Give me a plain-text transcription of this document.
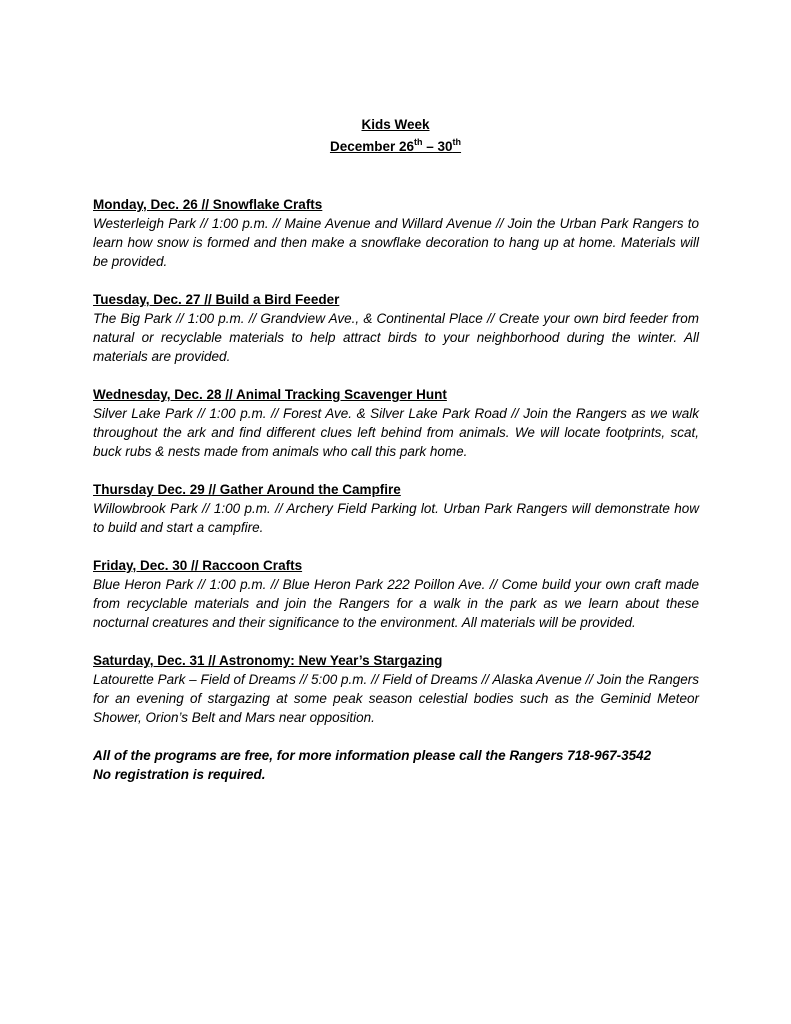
Kids Week
December 26th – 30th
Monday, Dec. 26 // Snowflake Crafts
Westerleigh Park // 1:00 p.m. // Maine Avenue and Willard Avenue // Join the Urban Park Rangers to learn how snow is formed and then make a snowflake decoration to hang up at home. Materials will be provided.
Tuesday, Dec. 27 // Build a Bird Feeder
The Big Park // 1:00 p.m. // Grandview Ave., & Continental Place // Create your own bird feeder from natural or recyclable materials to help attract birds to your neighborhood during the winter. All materials are provided.
Wednesday, Dec. 28 // Animal Tracking Scavenger Hunt
Silver Lake Park // 1:00 p.m. // Forest Ave. & Silver Lake Park Road // Join the Rangers as we walk throughout the ark and find different clues left behind from animals. We will locate footprints, scat, buck rubs & nests made from animals who call this park home.
Thursday Dec. 29 // Gather Around the Campfire
Willowbrook Park // 1:00 p.m. // Archery Field Parking lot. Urban Park Rangers will demonstrate how to build and start a campfire.
Friday, Dec. 30 // Raccoon Crafts
Blue Heron Park // 1:00 p.m. // Blue Heron Park 222 Poillon Ave. // Come build your own craft made from recyclable materials and join the Rangers for a walk in the park as we learn about these nocturnal creatures and their significance to the environment. All materials will be provided.
Saturday, Dec. 31 // Astronomy: New Year’s Stargazing
Latourette Park – Field of Dreams // 5:00 p.m. // Field of Dreams // Alaska Avenue // Join the Rangers for an evening of stargazing at some peak season celestial bodies such as the Geminid Meteor Shower, Orion’s Belt and Mars near opposition.
All of the programs are free, for more information please call the Rangers 718-967-3542
No registration is required.
